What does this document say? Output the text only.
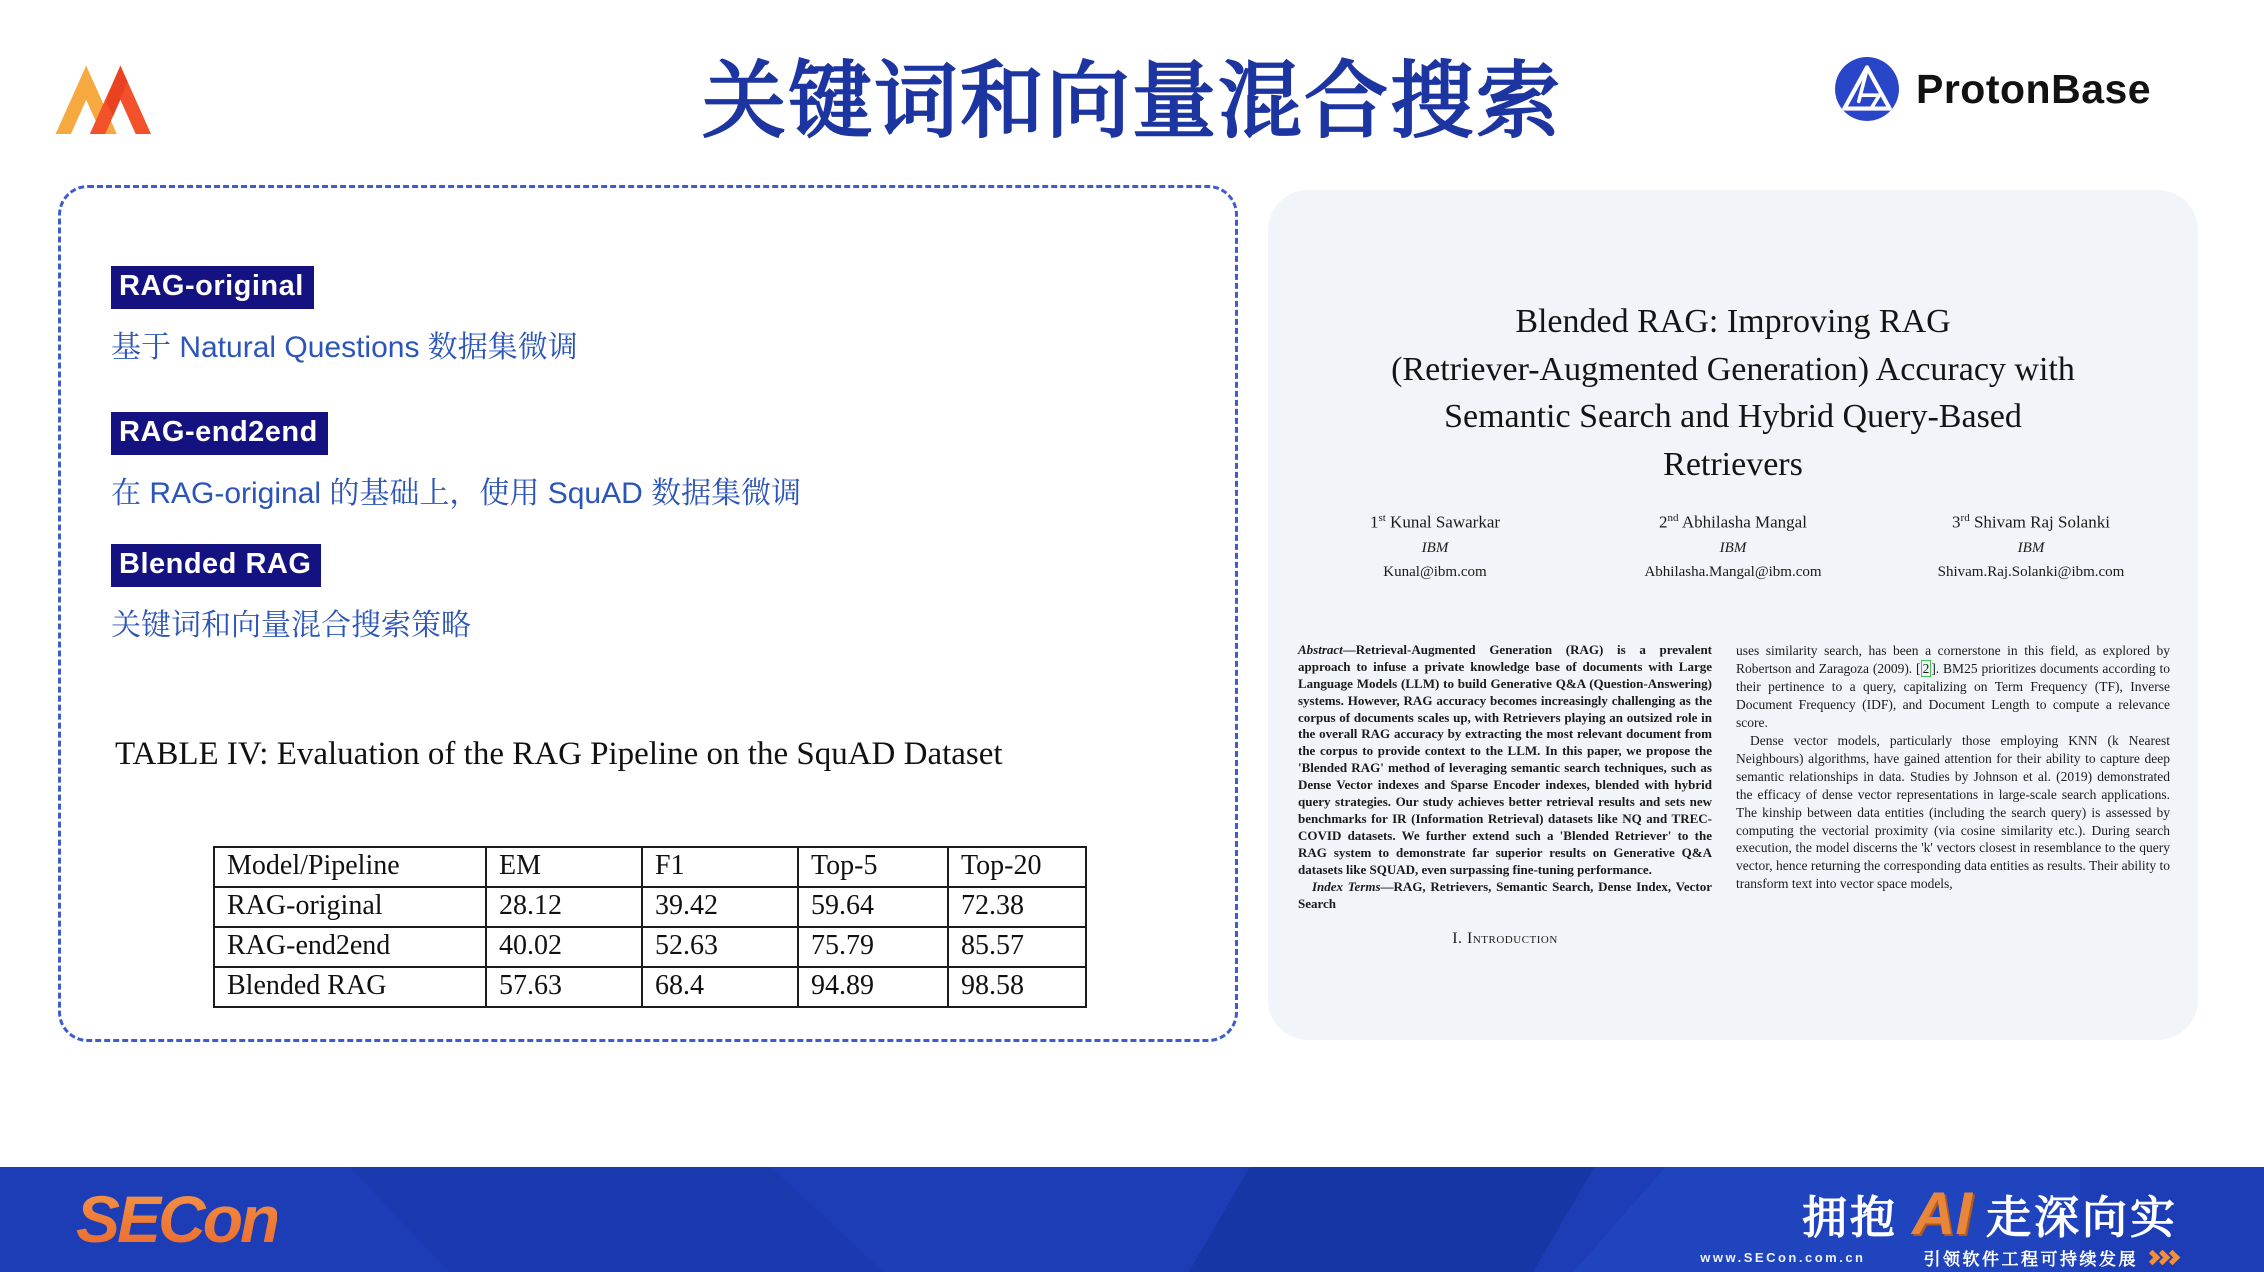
关键词和向量混合搜索	ProtonBase
RAG-original
基于 Natural Questions 数据集微调
RAG-end2end
在 RAG-original 的基础上，使用 SquAD 数据集微调
Blended RAG
关键词和向量混合搜索策略
TABLE IV: Evaluation of the RAG Pipeline on the SquAD Dataset
Model/Pipeline	EM	F1	Top-5	Top-20
RAG-original	28.12	39.42	59.64	72.38
RAG-end2end	40.02	52.63	75.79	85.57
Blended RAG	57.63	68.4	94.89	98.58
Blended RAG: Improving RAG
(Retriever-Augmented Generation) Accuracy with
Semantic Search and Hybrid Query-Based
Retrievers
1st Kunal Sawarkar
IBM
Kunal@ibm.com
2nd Abhilasha Mangal
IBM
Abhilasha.Mangal@ibm.com
3rd Shivam Raj Solanki
IBM
Shivam.Raj.Solanki@ibm.com
Abstract—Retrieval-Augmented Generation (RAG) is a prevalent approach to infuse a private knowledge base of documents with Large Language Models (LLM) to build Generative Q&A (Question-Answering) systems. However, RAG accuracy becomes increasingly challenging as the corpus of documents scales up, with Retrievers playing an outsized role in the overall RAG accuracy by extracting the most relevant document from the corpus to provide context to the LLM. In this paper, we propose the 'Blended RAG' method of leveraging semantic search techniques, such as Dense Vector indexes and Sparse Encoder indexes, blended with hybrid query strategies. Our study achieves better retrieval results and sets new benchmarks for IR (Information Retrieval) datasets like NQ and TREC-COVID datasets. We further extend such a 'Blended Retriever' to the RAG system to demonstrate far superior results on Generative Q&A datasets like SQUAD, even surpassing fine-tuning performance.
Index Terms—RAG, Retrievers, Semantic Search, Dense Index, Vector Search
I. Introduction
uses similarity search, has been a cornerstone in this field, as explored by Robertson and Zaragoza (2009). [ 2 ]. BM25 prioritizes documents according to their pertinence to a query, capitalizing on Term Frequency (TF), Inverse Document Frequency (IDF), and Document Length to compute a relevance score.
Dense vector models, particularly those employing KNN (k Nearest Neighbours) algorithms, have gained attention for their ability to capture deep semantic relationships in data. Studies by Johnson et al. (2019) demonstrated the efficacy of dense vector representations in large-scale search applications. The kinship between data entities (including the search query) is assessed by computing the vectorial proximity (via cosine similarity etc.). During search execution, the model discerns the 'k' vectors closest in resemblance to the query vector, hence returning the corresponding data entities as results. Their ability to transform text into vector space models,
SECon	拥抱 AI 走深向实
www.SECon.com.cn	引领软件工程可持续发展
